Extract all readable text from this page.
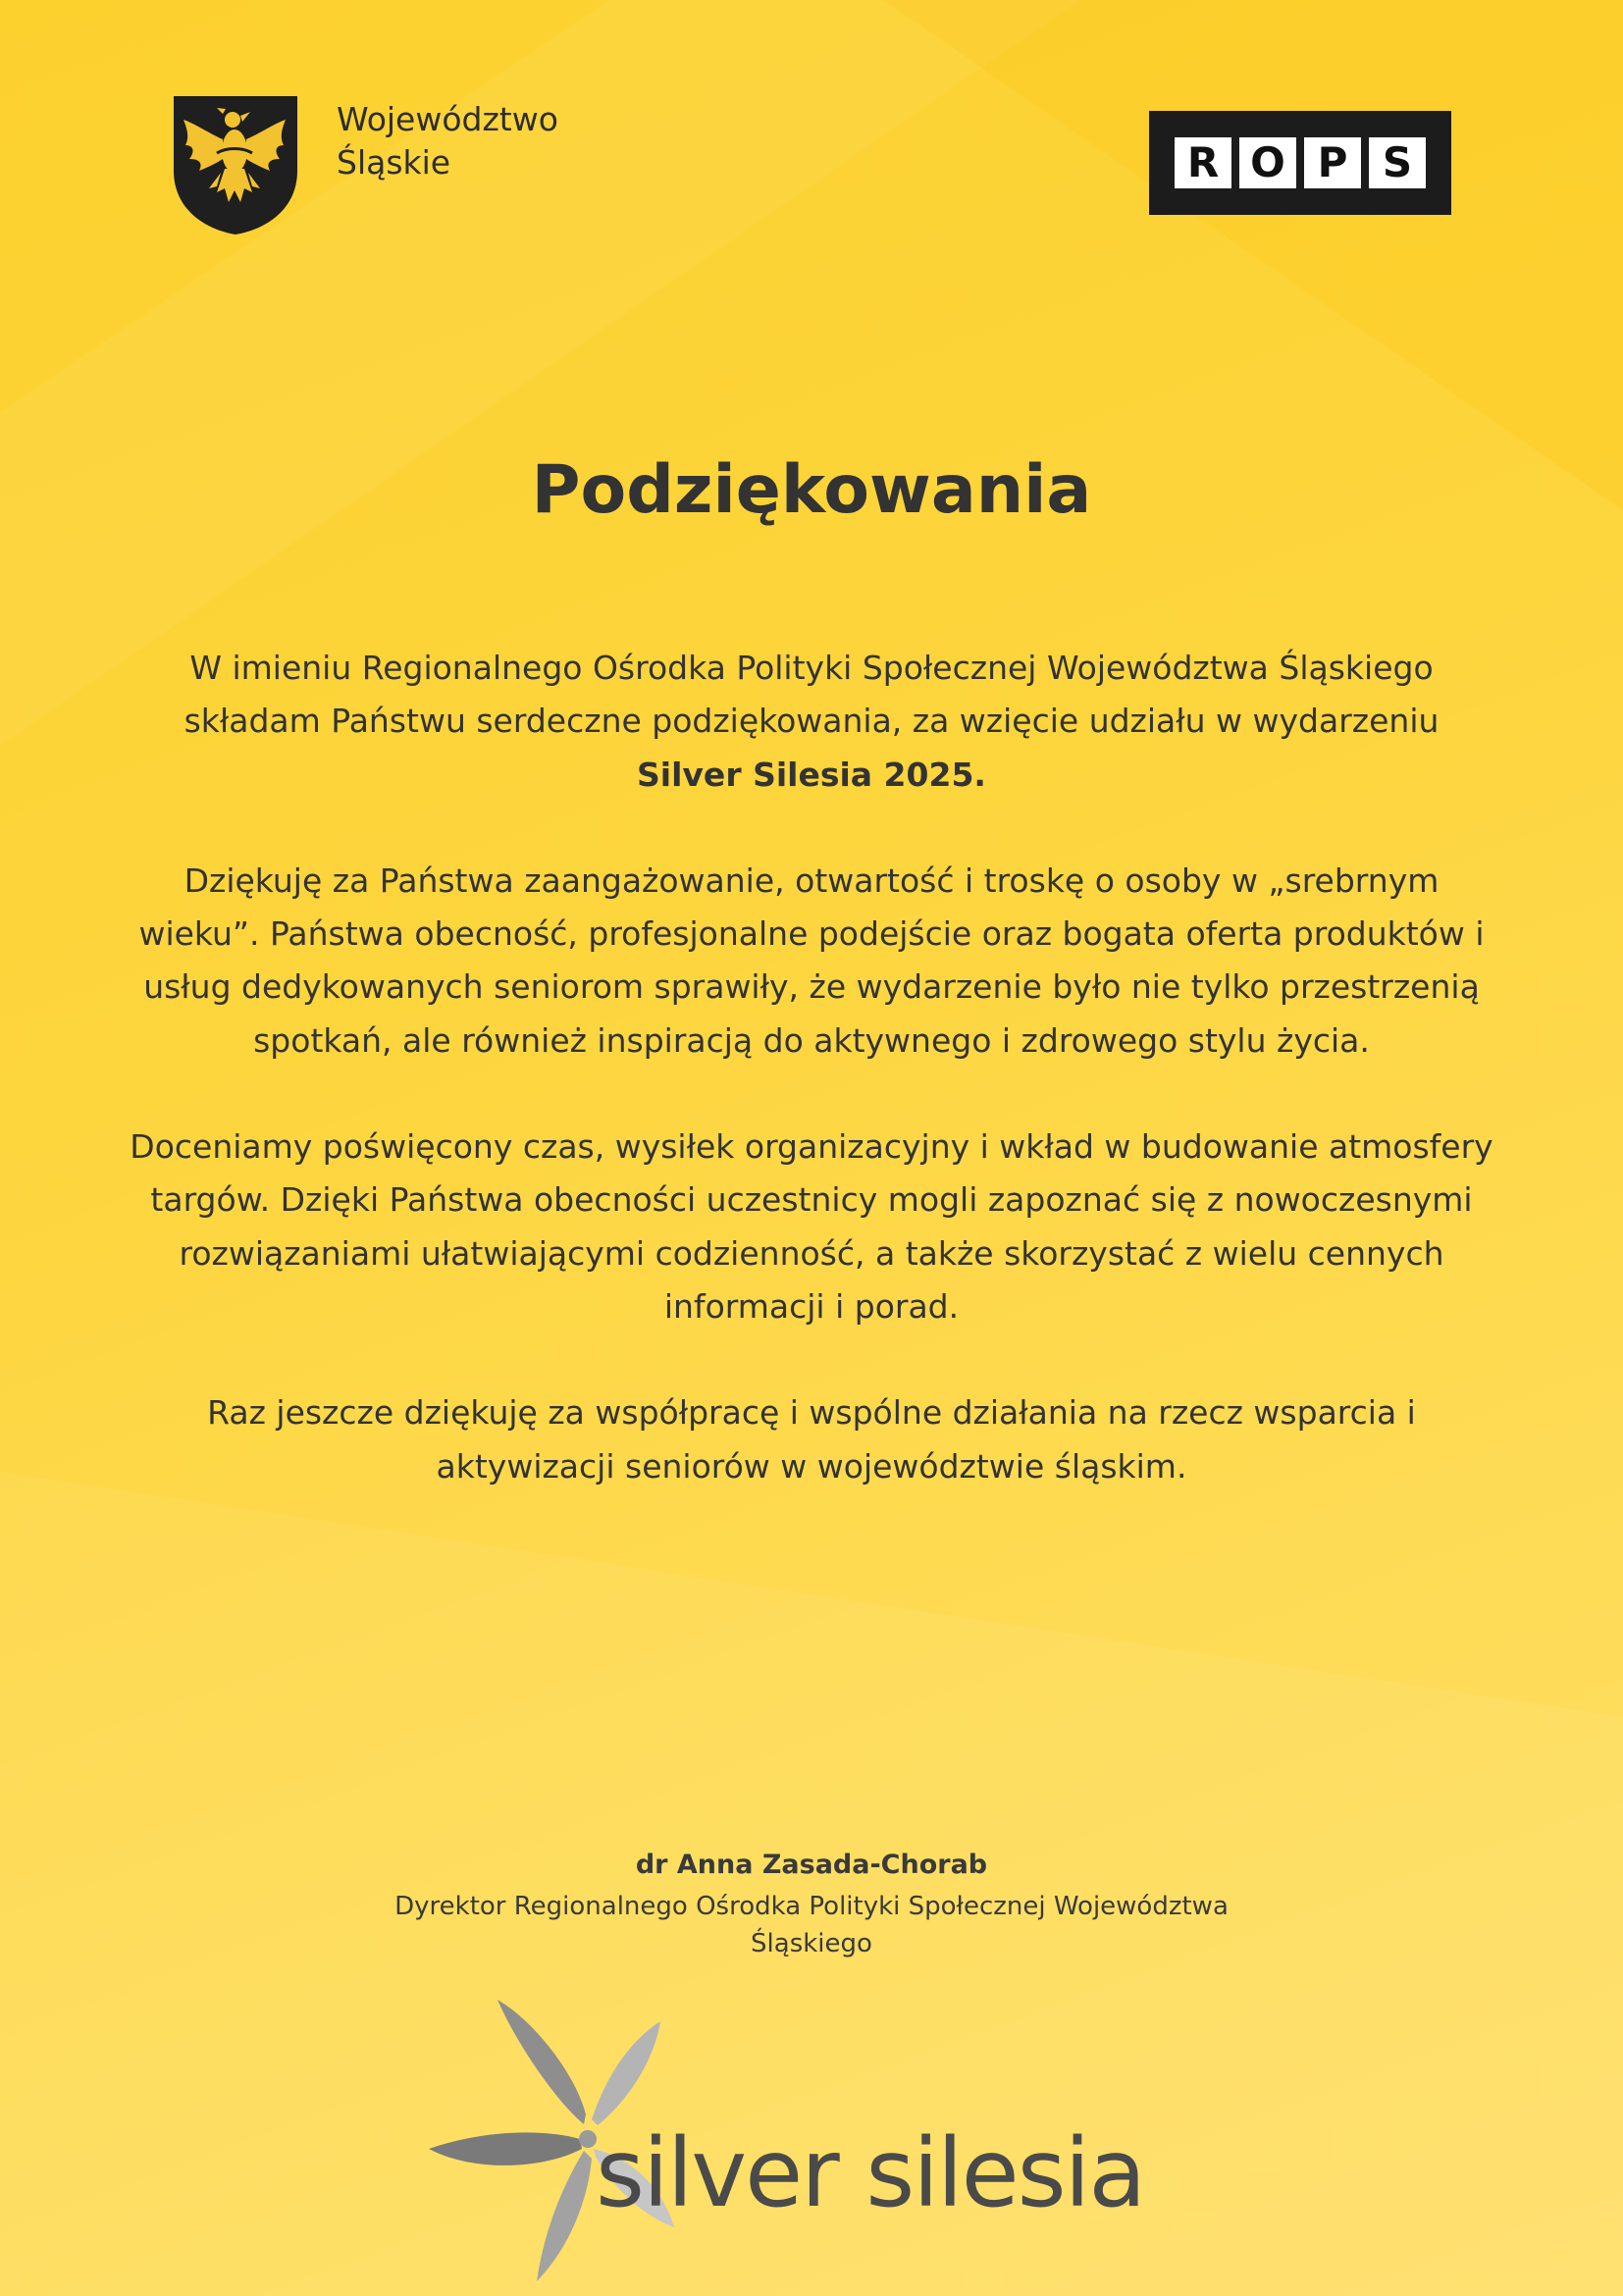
Województwo
Śląskie	R O P S
Podziękowania

W imieniu Regionalnego Ośrodka Polityki Społecznej Województwa Śląskiego składam Państwu serdeczne podziękowania, za wzięcie udziału w wydarzeniu
Silver Silesia 2025.

Dziękuję za Państwa zaangażowanie, otwartość i troskę o osoby w „srebrnym wieku”. Państwa obecność, profesjonalne podejście oraz bogata oferta produktów i usług dedykowanych seniorom sprawiły, że wydarzenie było nie tylko przestrzenią spotkań, ale również inspiracją do aktywnego i zdrowego stylu życia.

Doceniamy poświęcony czas, wysiłek organizacyjny i wkład w budowanie atmosfery targów. Dzięki Państwa obecności uczestnicy mogli zapoznać się z nowoczesnymi rozwiązaniami ułatwiającymi codzienność, a także skorzystać z wielu cennych informacji i porad.

Raz jeszcze dziękuję za współpracę i wspólne działania na rzecz wsparcia i aktywizacji seniorów w województwie śląskim.

dr Anna Zasada-Chorab
Dyrektor Regionalnego Ośrodka Polityki Społecznej Województwa Śląskiego
silver silesia
